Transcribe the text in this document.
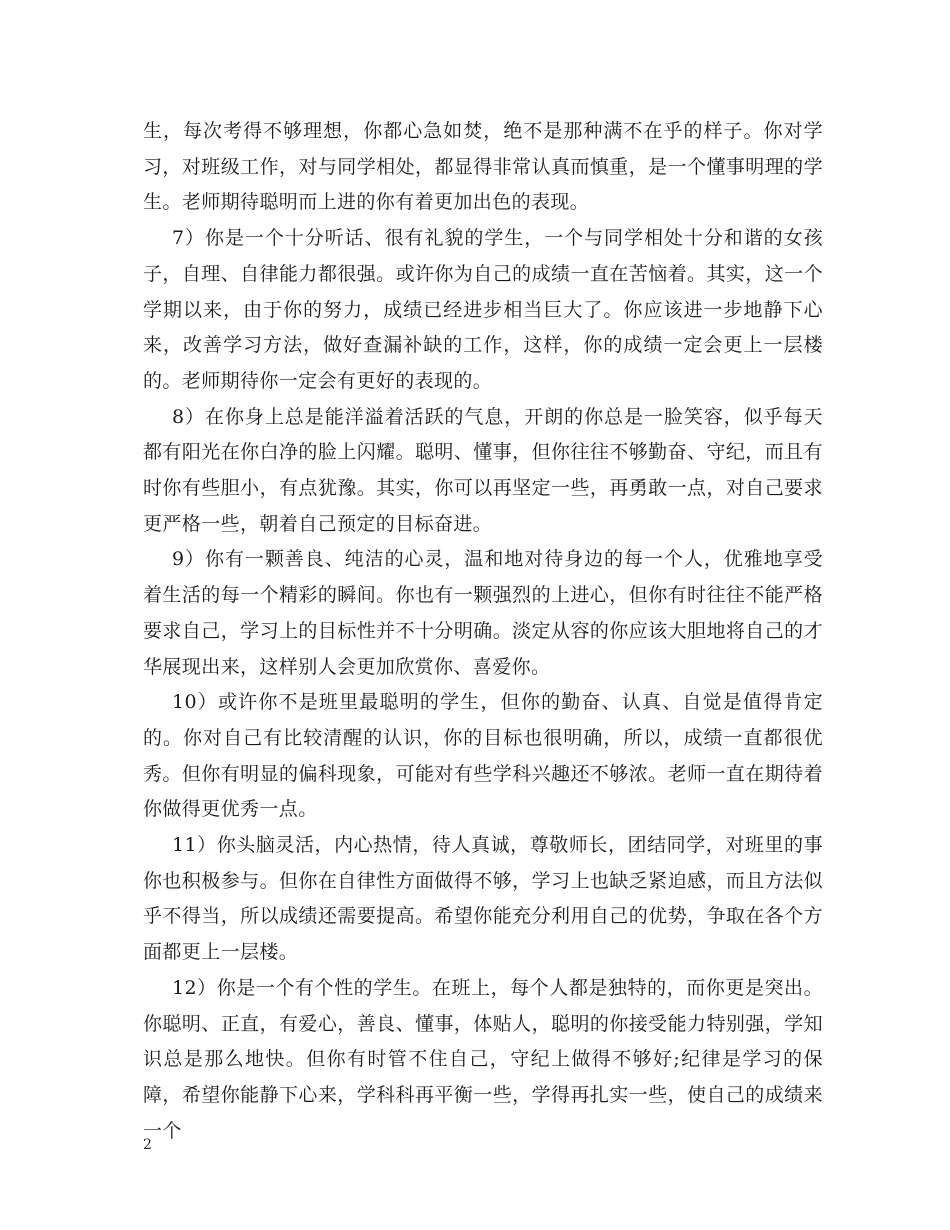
生，每次考得不够理想，你都心急如焚，绝不是那种满不在乎的样子。你对学习，对班级工作，对与同学相处，都显得非常认真而慎重，是一个懂事明理的学生。老师期待聪明而上进的你有着更加出色的表现。

7）你是一个十分听话、很有礼貌的学生，一个与同学相处十分和谐的女孩子，自理、自律能力都很强。或许你为自己的成绩一直在苦恼着。其实，这一个学期以来，由于你的努力，成绩已经进步相当巨大了。你应该进一步地静下心来，改善学习方法，做好查漏补缺的工作，这样，你的成绩一定会更上一层楼的。老师期待你一定会有更好的表现的。

8）在你身上总是能洋溢着活跃的气息，开朗的你总是一脸笑容，似乎每天都有阳光在你白净的脸上闪耀。聪明、懂事，但你往往不够勤奋、守纪，而且有时你有些胆小，有点犹豫。其实，你可以再坚定一些，再勇敢一点，对自己要求更严格一些，朝着自己预定的目标奋进。

9）你有一颗善良、纯洁的心灵，温和地对待身边的每一个人，优雅地享受着生活的每一个精彩的瞬间。你也有一颗强烈的上进心，但你有时往往不能严格要求自己，学习上的目标性并不十分明确。淡定从容的你应该大胆地将自己的才华展现出来，这样别人会更加欣赏你、喜爱你。

10）或许你不是班里最聪明的学生，但你的勤奋、认真、自觉是值得肯定的。你对自己有比较清醒的认识，你的目标也很明确，所以，成绩一直都很优秀。但你有明显的偏科现象，可能对有些学科兴趣还不够浓。老师一直在期待着你做得更优秀一点。

11）你头脑灵活，内心热情，待人真诚，尊敬师长，团结同学，对班里的事你也积极参与。但你在自律性方面做得不够，学习上也缺乏紧迫感，而且方法似乎不得当，所以成绩还需要提高。希望你能充分利用自己的优势，争取在各个方面都更上一层楼。

12）你是一个有个性的学生。在班上，每个人都是独特的，而你更是突出。你聪明、正直，有爱心，善良、懂事，体贴人，聪明的你接受能力特别强，学知识总是那么地快。但你有时管不住自己，守纪上做得不够好;纪律是学习的保障，希望你能静下心来，学科科再平衡一些，学得再扎实一些，使自己的成绩来一个

2
